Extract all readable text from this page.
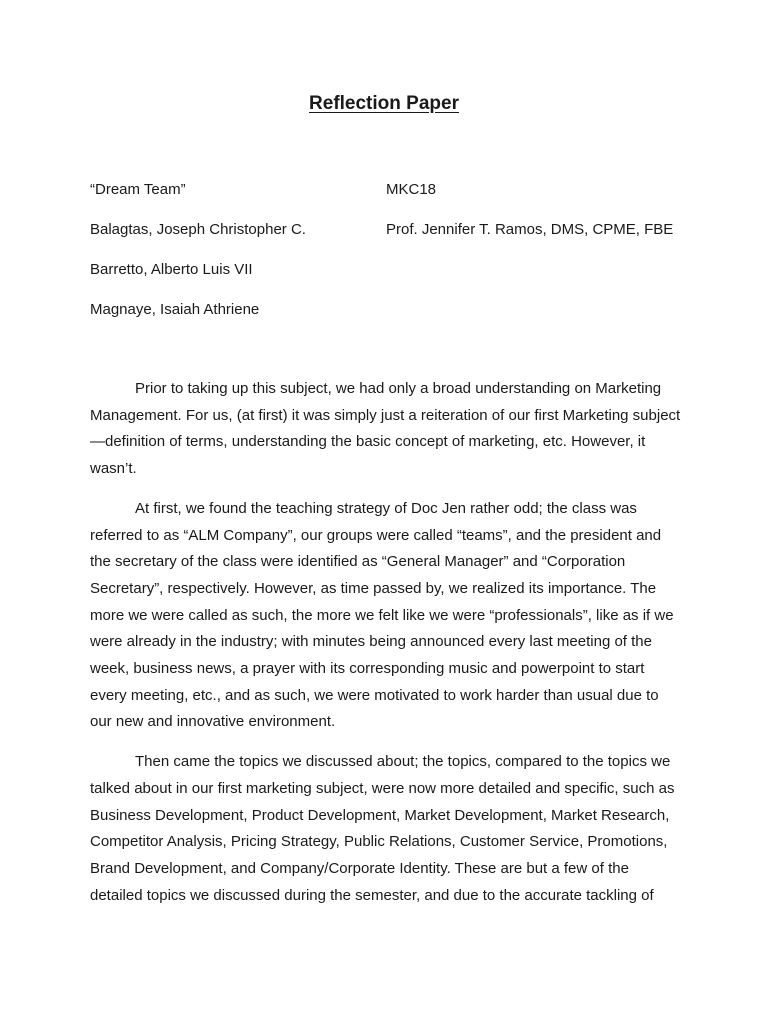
Reflection Paper
“Dream Team”	MKC18
Balagtas, Joseph Christopher C.	Prof. Jennifer T. Ramos, DMS, CPME, FBE
Barretto, Alberto Luis VII
Magnaye, Isaiah Athriene

Prior to taking up this subject, we had only a broad understanding on Marketing Management. For us, (at first) it was simply just a reiteration of our first Marketing subject—definition of terms, understanding the basic concept of marketing, etc. However, it wasn’t.

At first, we found the teaching strategy of Doc Jen rather odd; the class was referred to as “ALM Company”, our groups were called “teams”, and the president and the secretary of the class were identified as “General Manager” and “Corporation Secretary”, respectively. However, as time passed by, we realized its importance. The more we were called as such, the more we felt like we were “professionals”, like as if we were already in the industry; with minutes being announced every last meeting of the week, business news, a prayer with its corresponding music and powerpoint to start every meeting, etc., and as such, we were motivated to work harder than usual due to our new and innovative environment.

Then came the topics we discussed about; the topics, compared to the topics we talked about in our first marketing subject, were now more detailed and specific, such as Business Development, Product Development, Market Development, Market Research, Competitor Analysis, Pricing Strategy, Public Relations, Customer Service, Promotions, Brand Development, and Company/Corporate Identity. These are but a few of the detailed topics we discussed during the semester, and due to the accurate tackling of
